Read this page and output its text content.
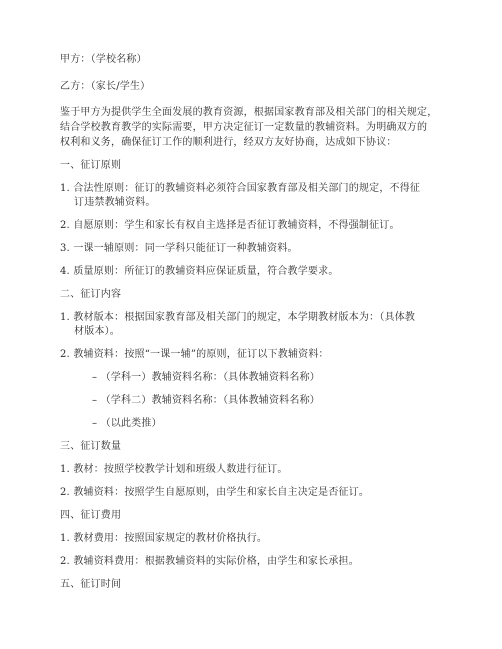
甲方：（学校名称）
乙方：（家长/学生）
鉴于甲方为提供学生全面发展的教育资源，根据国家教育部及相关部门的相关规定，
结合学校教育教学的实际需要，甲方决定征订一定数量的教辅资料。为明确双方的
权利和义务，确保征订工作的顺利进行，经双方友好协商，达成如下协议：
一、征订原则
1. 合法性原则：征订的教辅资料必须符合国家教育部及相关部门的规定，不得征
订违禁教辅资料。
2. 自愿原则：学生和家长有权自主选择是否征订教辅资料，不得强制征订。
3. 一课一辅原则：同一学科只能征订一种教辅资料。
4. 质量原则：所征订的教辅资料应保证质量，符合教学要求。
二、征订内容
1. 教材版本：根据国家教育部及相关部门的规定，本学期教材版本为：（具体教
材版本）。
2. 教辅资料：按照“一课一辅”的原则，征订以下教辅资料：
– （学科一）教辅资料名称：（具体教辅资料名称）
– （学科二）教辅资料名称：（具体教辅资料名称）
– （以此类推）
三、征订数量
1. 教材：按照学校教学计划和班级人数进行征订。
2. 教辅资料：按照学生自愿原则，由学生和家长自主决定是否征订。
四、征订费用
1. 教材费用：按照国家规定的教材价格执行。
2. 教辅资料费用：根据教辅资料的实际价格，由学生和家长承担。
五、征订时间
